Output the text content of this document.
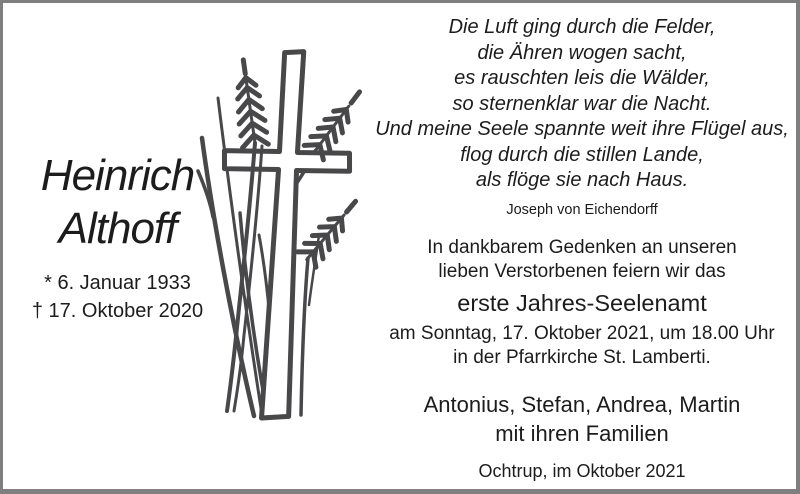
Heinrich
Althoff
* 6. Januar 1933
† 17. Oktober 2020
Die Luft ging durch die Felder,
die Ähren wogen sacht,
es rauschten leis die Wälder,
so sternenklar war die Nacht.
Und meine Seele spannte weit ihre Flügel aus,
flog durch die stillen Lande,
als flöge sie nach Haus.
Joseph von Eichendorff
In dankbarem Gedenken an unseren
lieben Verstorbenen feiern wir das
erste Jahres-Seelenamt
am Sonntag, 17. Oktober 2021, um 18.00 Uhr
in der Pfarrkirche St. Lamberti.
Antonius, Stefan, Andrea, Martin
mit ihren Familien
Ochtrup, im Oktober 2021
